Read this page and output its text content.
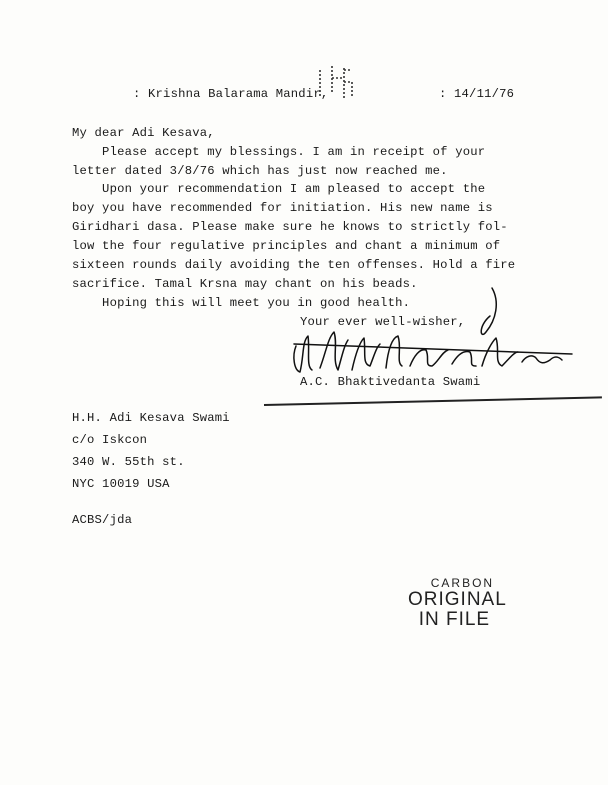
: Krishna Balarama Mandir,	: 14/11/76
My dear Adi Kesava,
Please accept my blessings. I am in receipt of your
letter dated 3/8/76 which has just now reached me.
Upon your recommendation I am pleased to accept the
boy you have recommended for initiation. His new name is
Giridhari dasa. Please make sure he knows to strictly fol-
low the four regulative principles and chant a minimum of
sixteen rounds daily avoiding the ten offenses. Hold a fire
sacrifice. Tamal Krsna may chant on his beads.
Hoping this will meet you in good health.
Your ever well-wisher,
A.C. Bhaktivedanta Swami
H.H. Adi Kesava Swami
c/o Iskcon
340 W. 55th st.
NYC 10019 USA
ACBS/jda
CARBON
ORIGINAL
IN FILE
